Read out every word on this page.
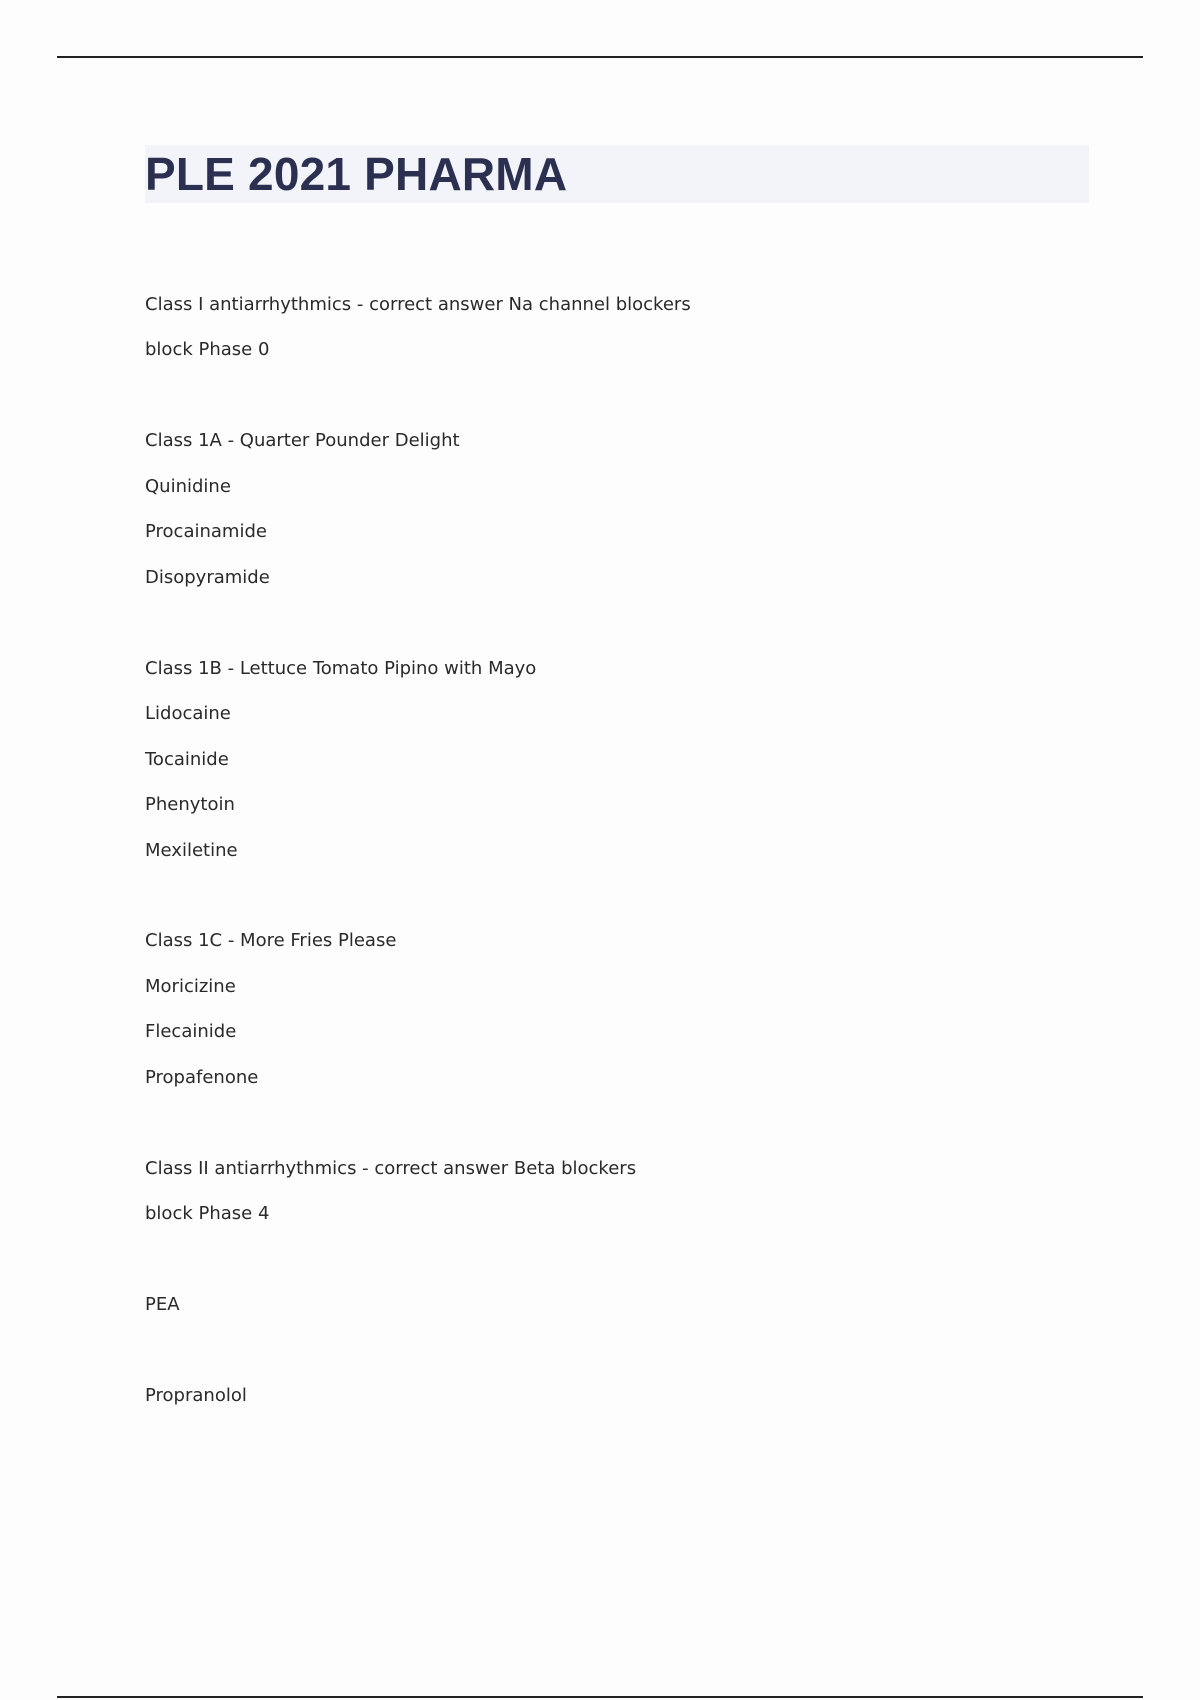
PLE 2021 PHARMA

Class I antiarrhythmics - correct answer Na channel blockers

block Phase 0

Class 1A - Quarter Pounder Delight

Quinidine

Procainamide

Disopyramide

Class 1B - Lettuce Tomato Pipino with Mayo

Lidocaine

Tocainide

Phenytoin

Mexiletine

Class 1C - More Fries Please

Moricizine

Flecainide

Propafenone

Class II antiarrhythmics - correct answer Beta blockers

block Phase 4

PEA

Propranolol
